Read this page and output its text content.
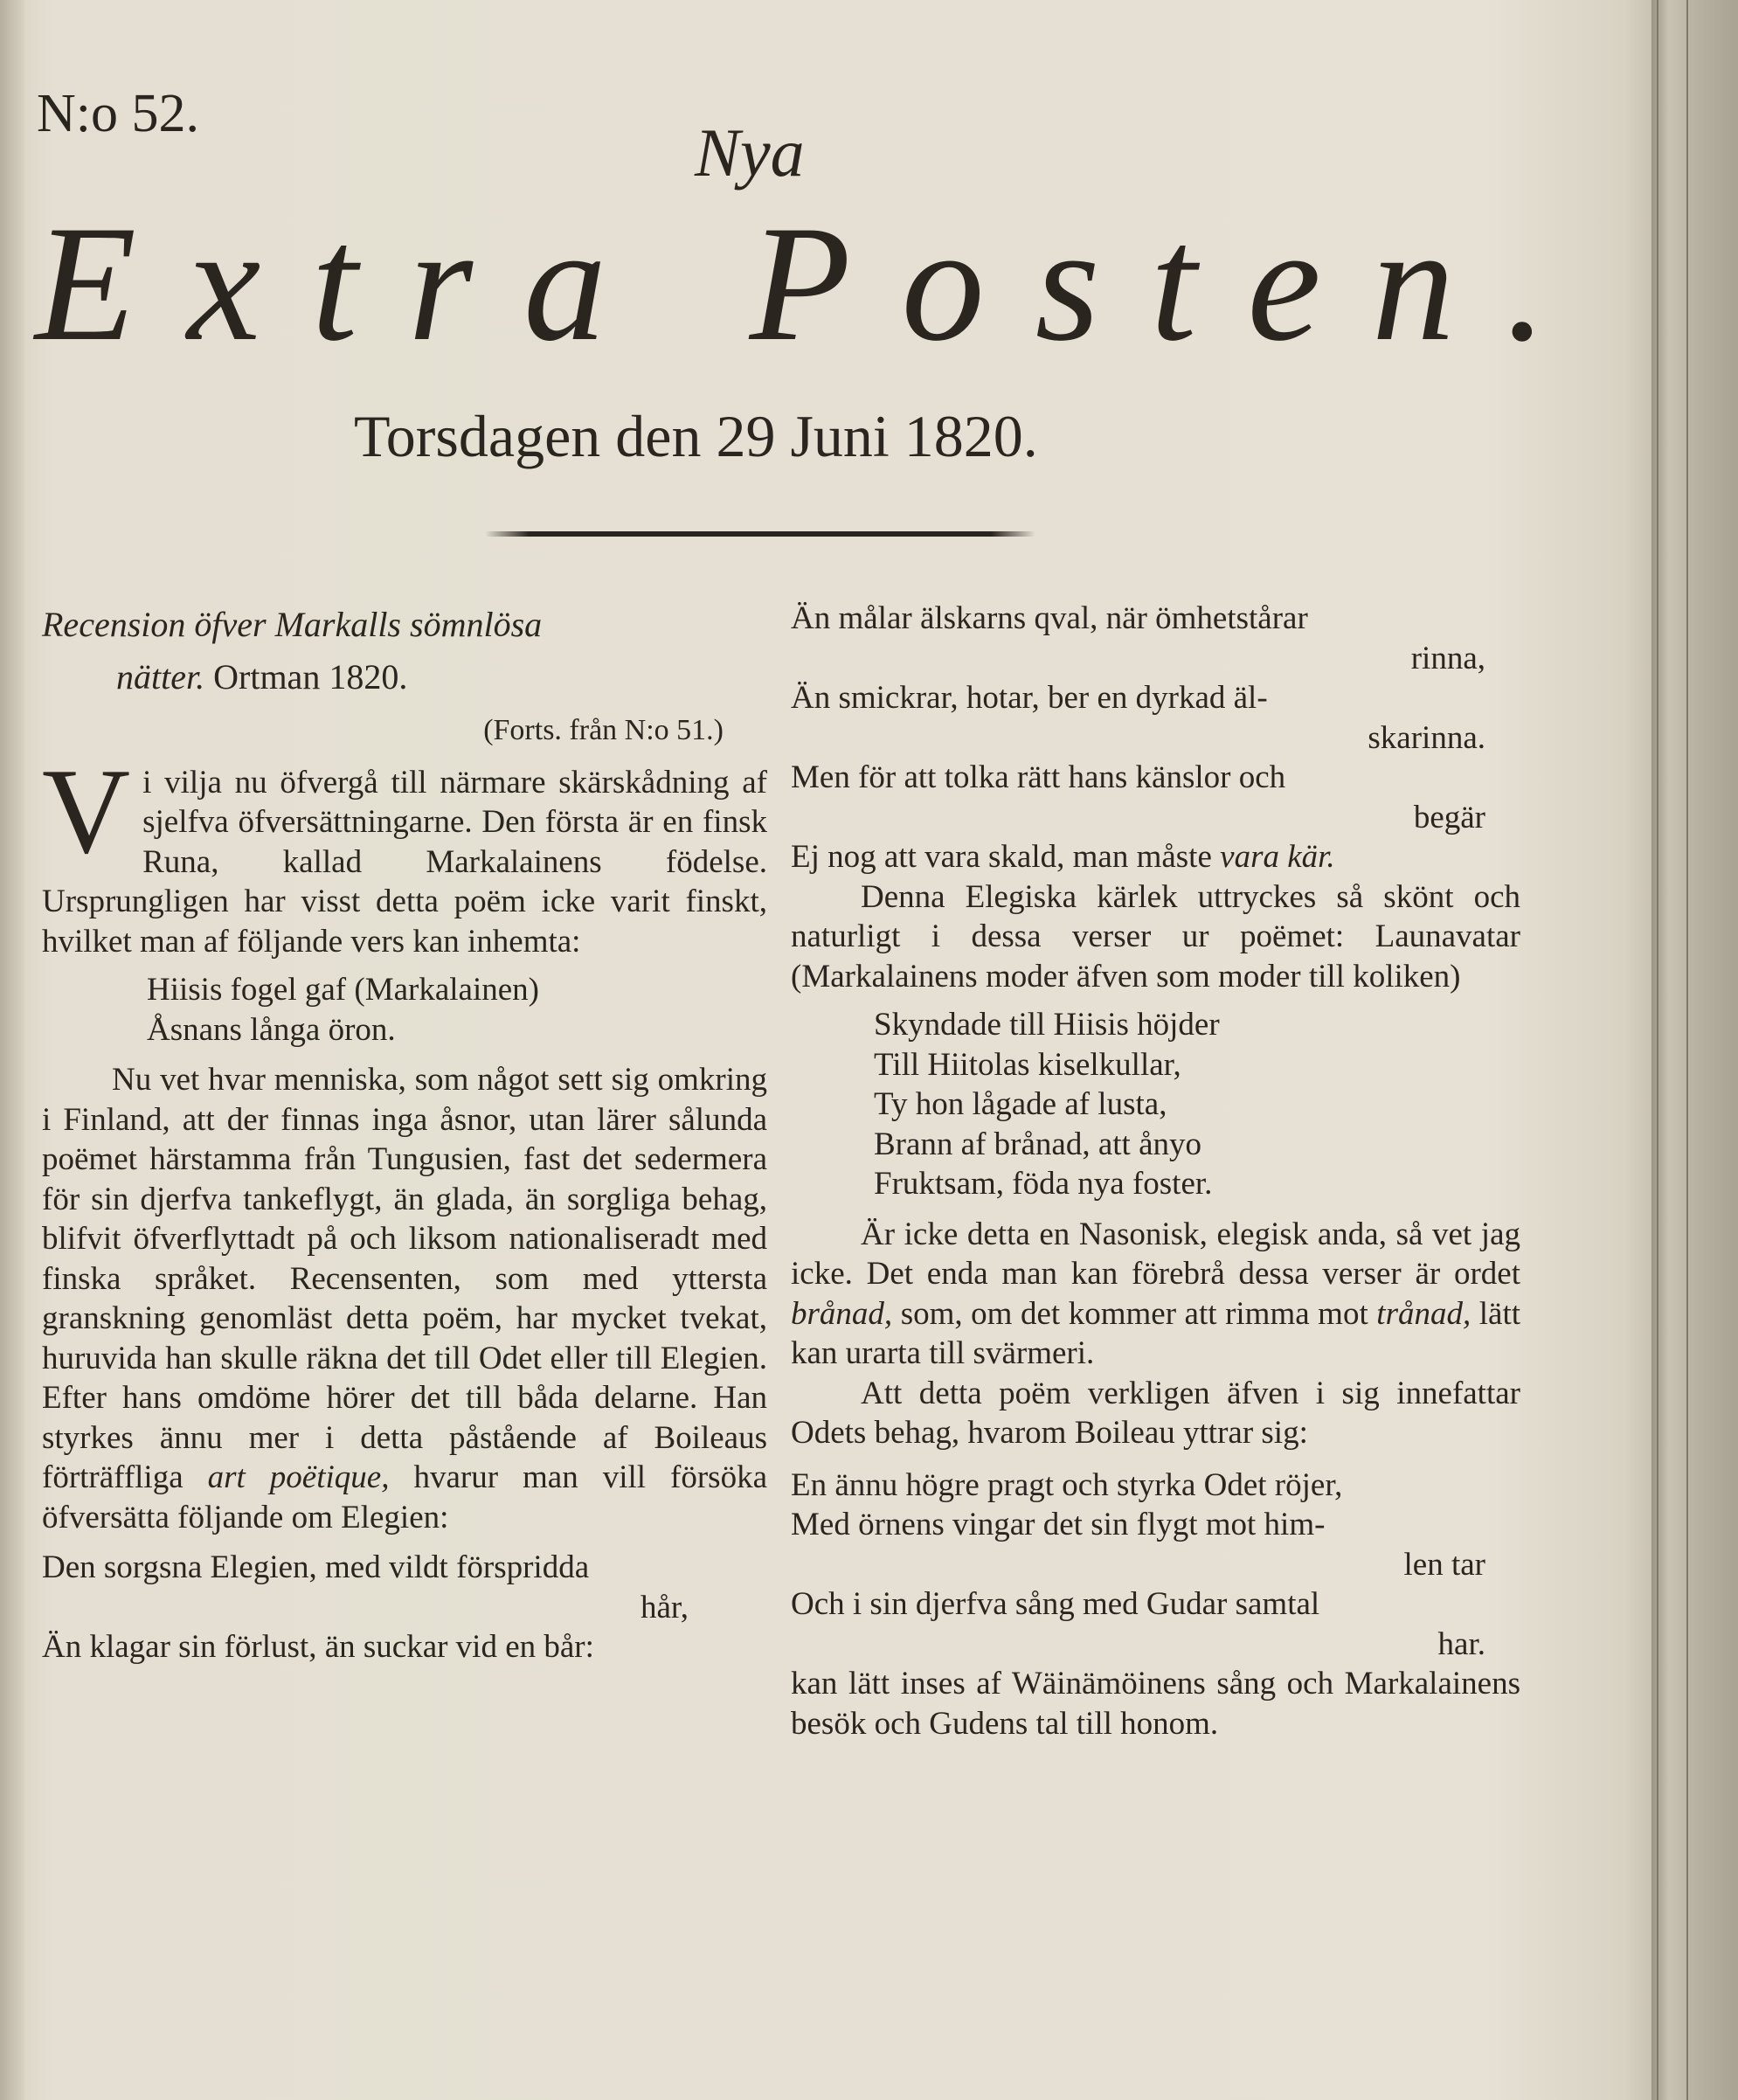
N:o 52.
Nya
Extra Posten.
Torsdagen den 29 Juni 1820.
Recension öfver Markalls sömnlösa
nätter. Ortman 1820.
(Forts. från N:o 51.)
Vi vilja nu öfvergå till närmare skärskådning af sjelfva öfversättningarne. Den första är en finsk Runa, kallad Markalainens födelse. Ursprungligen har visst detta poëm icke varit finskt, hvilket man af följande vers kan inhemta:
Hiisis fogel gaf (Markalainen)
Åsnans långa öron.
Nu vet hvar menniska, som något sett sig omkring i Finland, att der finnas inga åsnor, utan lärer sålunda poëmet härstamma från Tungusien, fast det sedermera för sin djerfva tankeflygt, än glada, än sorgliga behag, blifvit öfverflyttadt på och liksom nationaliseradt med finska språket. Recensenten, som med yttersta granskning genomläst detta poëm, har mycket tvekat, huruvida han skulle räkna det till Odet eller till Elegien. Efter hans omdöme hörer det till båda delarne. Han styrkes ännu mer i detta påstående af Boileaus förträffliga art poëtique, hvarur man vill försöka öfversätta följande om Elegien:
Den sorgsna Elegien, med vildt förspridda
hår,
Än klagar sin förlust, än suckar vid en bår:
Än målar älskarns qval, när ömhetstårar
rinna,
Än smickrar, hotar, ber en dyrkad äl-
skarinna.
Men för att tolka rätt hans känslor och
begär
Ej nog att vara skald, man måste vara kär.
Denna Elegiska kärlek uttryckes så skönt och naturligt i dessa verser ur poëmet: Launavatar (Markalainens moder äfven som moder till koliken)
Skyndade till Hiisis höjder
Till Hiitolas kiselkullar,
Ty hon lågade af lusta,
Brann af brånad, att ånyo
Fruktsam, föda nya foster.
Är icke detta en Nasonisk, elegisk anda, så vet jag icke. Det enda man kan förebrå dessa verser är ordet brånad, som, om det kommer att rimma mot trånad, lätt kan urarta till svärmeri.
Att detta poëm verkligen äfven i sig innefattar Odets behag, hvarom Boileau yttrar sig:
En ännu högre pragt och styrka Odet röjer,
Med örnens vingar det sin flygt mot him-
len tar
Och i sin djerfva sång med Gudar samtal
har.
kan lätt inses af Wäinämöinens sång och Markalainens besök och Gudens tal till honom.
